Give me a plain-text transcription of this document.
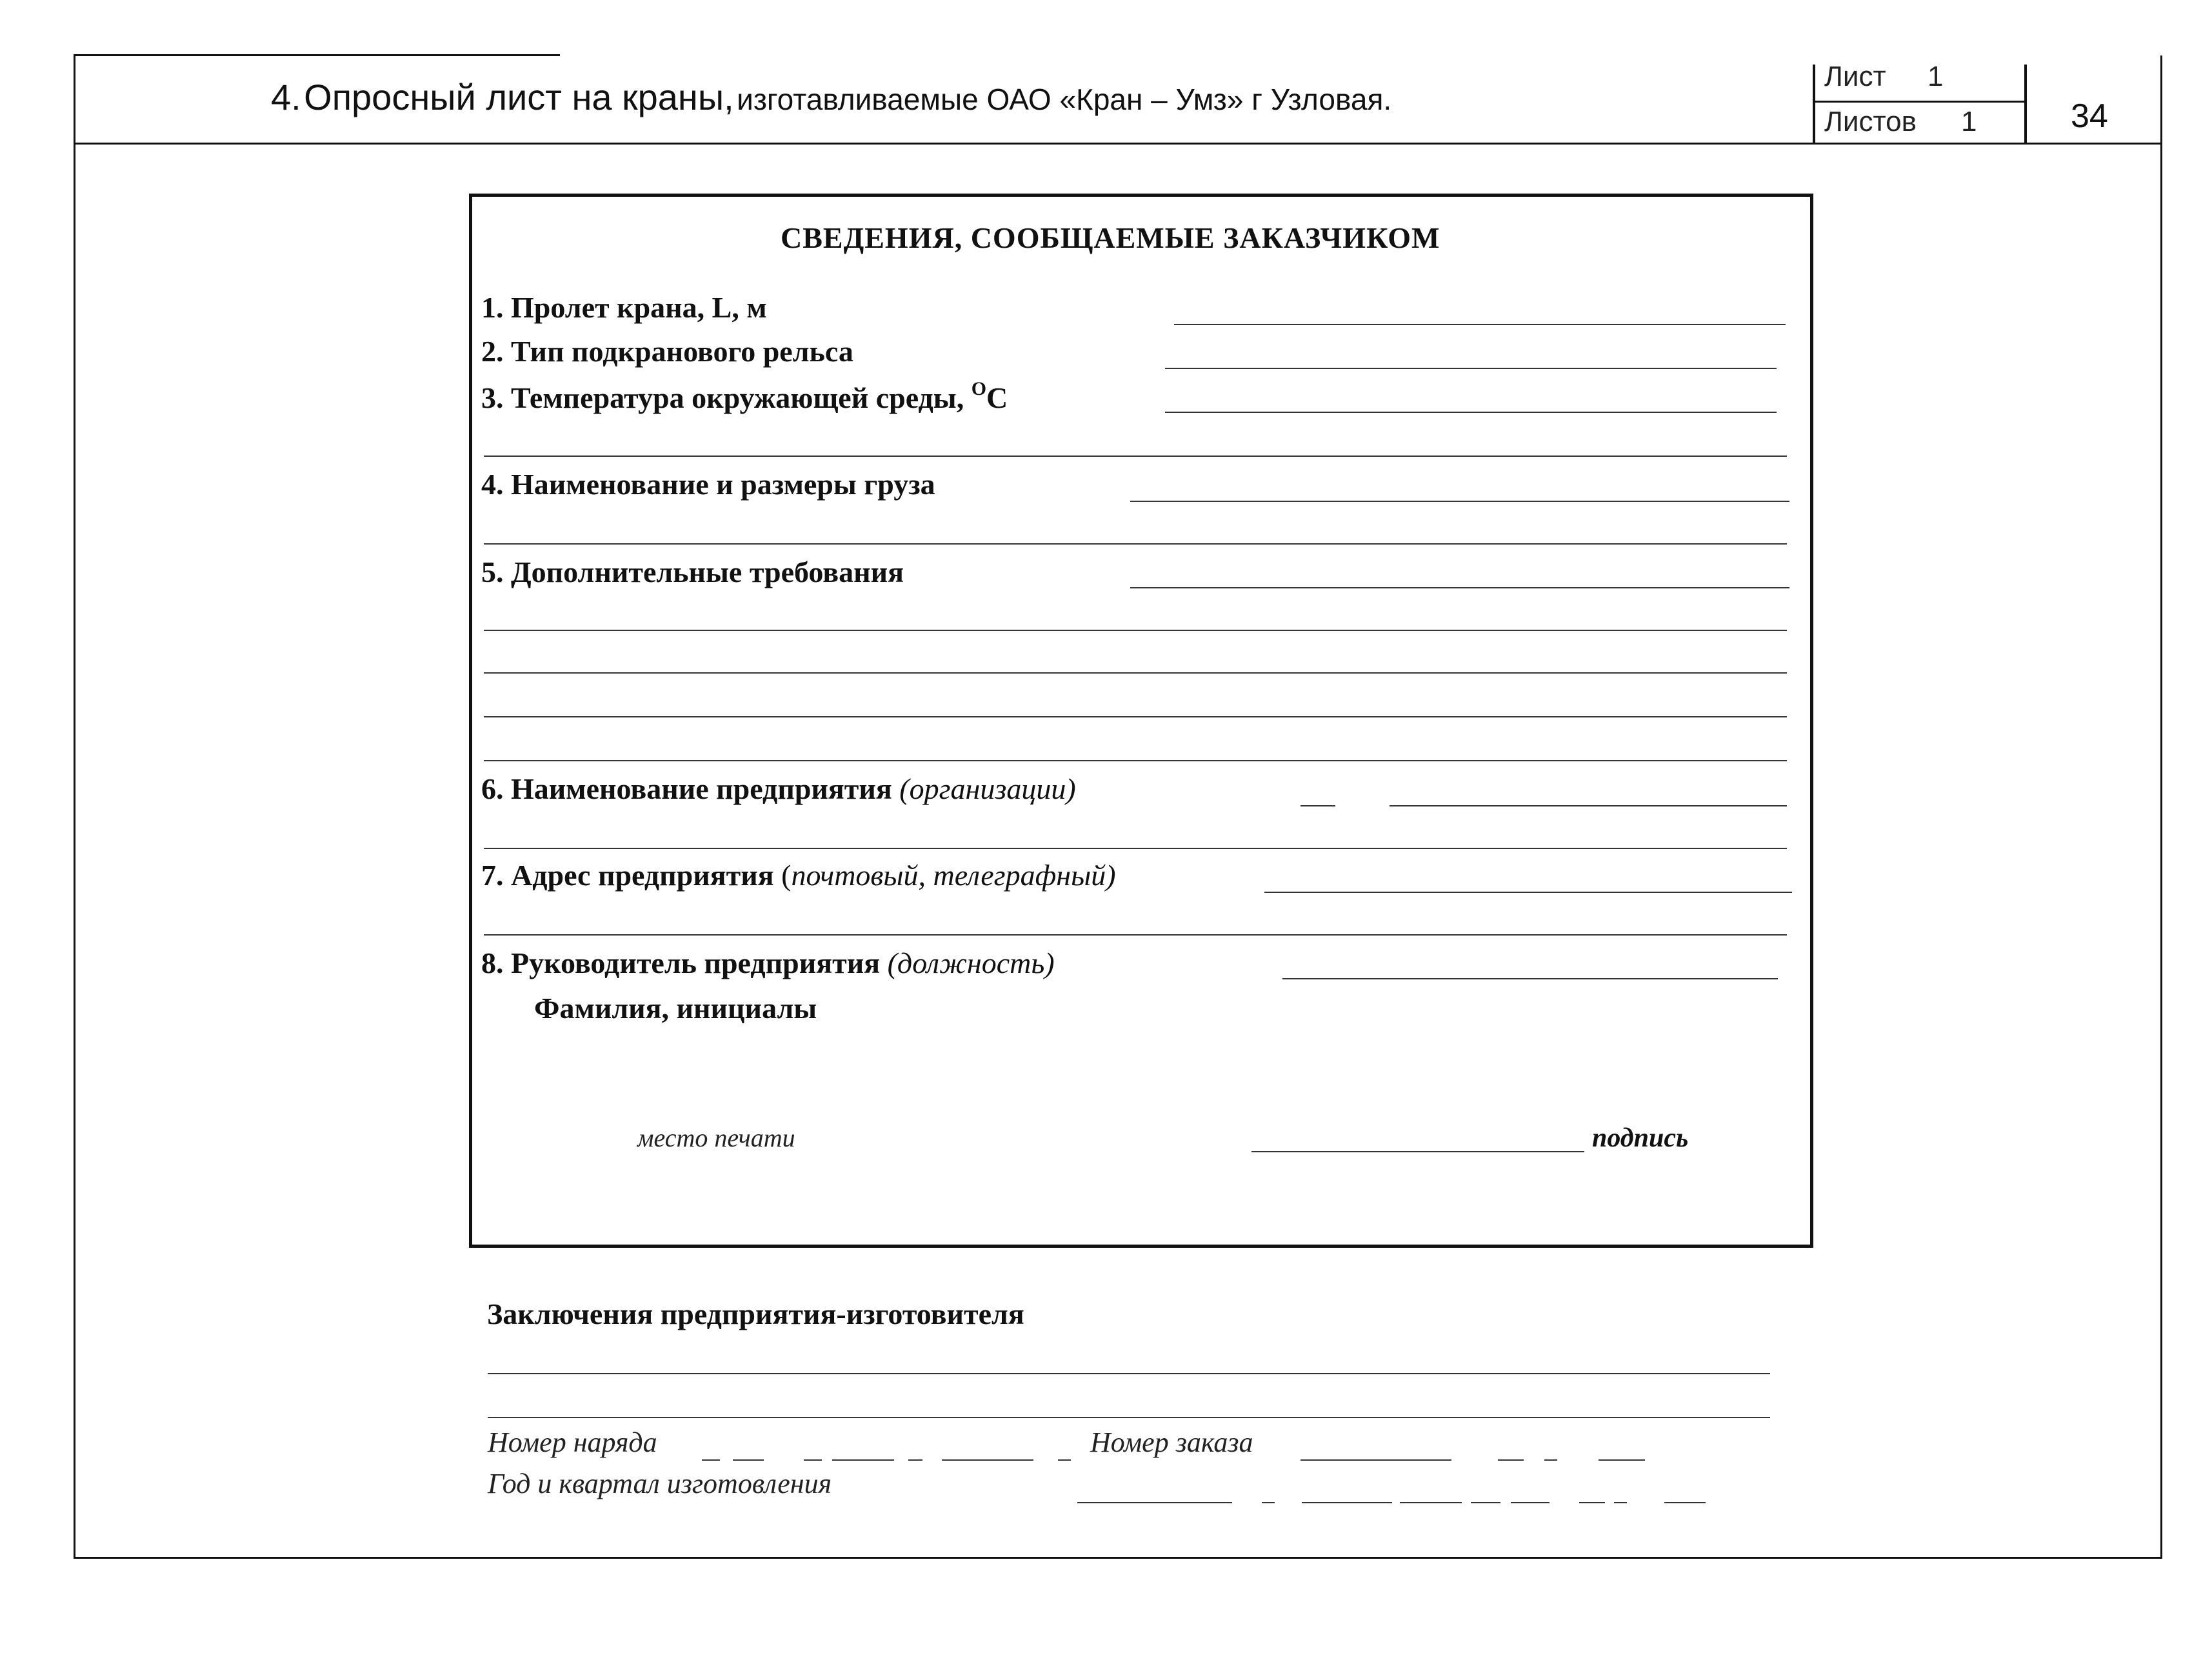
4. Опросный лист на краны, изготавливаемые ОАО «Кран – Умз» г Узловая.
Лист 1
Листов 1	34
СВЕДЕНИЯ, СООБЩАЕМЫЕ ЗАКАЗЧИКОМ
1. Пролет крана, L, м
2. Тип подкранового рельса
3. Температура окружающей среды, $^O$C
4. Наименование и размеры груза
5. Дополнительные требования
6. Наименование предприятия (организации)
7. Адрес предприятия (почтовый, телеграфный)
8. Руководитель предприятия (должность)
Фамилия, инициалы
место печати	подпись
Заключения предприятия-изготовителя
Номер наряда	Номер заказа
Год и квартал изготовления
